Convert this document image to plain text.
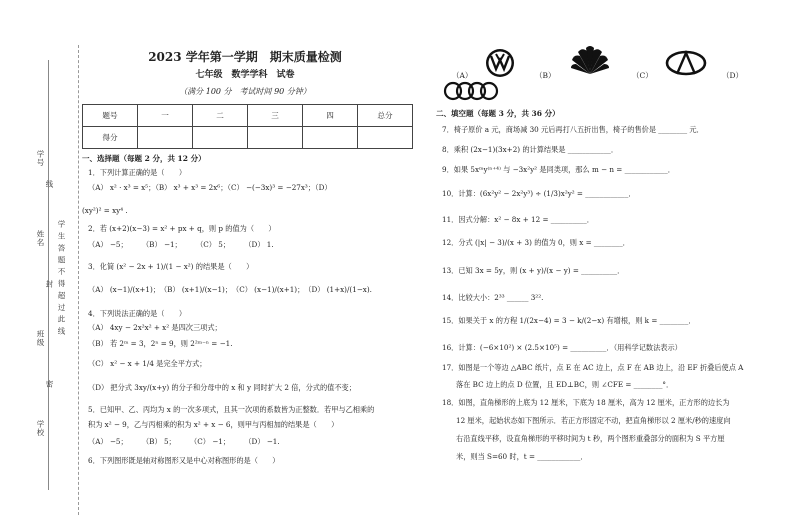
学号
线
姓名
封 学 生 答 题 不 得 超 过 此 线
班级
密
学校
2023 学年第一学期　期末质量检测
七年级　数学学科　试卷
（满分 100 分　考试时间 90 分钟）
题号	一	二	三	四	总分
得分					
一、选择题（每题 2 分，共 12 分）
1．下列计算正确的是（　　）
（A） x² · x³ = x⁵；（B） x³ + x³ = 2x⁶；（C） −(−3x)³ = −27x³；（D）
(xy²)² = xy⁴ .
2．若 (x+2)(x−3) = x² + px + q，则 p 的值为（　　）
（A） −5；　　　（B） −1；　　　（C） 5；　　　（D） 1.
3．化简 (x² − 2x + 1)/(1 − x²) 的结果是（　　）
（A） (x−1)/(x+1)；　（B） (x+1)/(x−1)；　（C） (x−1)/(x+1)；　（D） (1+x)/(1−x).
4．下列说法正确的是（　　）
（A） 4xy − 2x²x² + x² 是四次三项式；
（B） 若 2ᵐ = 3，2ⁿ = 9，则 2²ᵐ⁻ⁿ = −1.
（C） x² − x + 1/4 是完全平方式；
（D） 把分式 3xy/(x+y) 的分子和分母中的 x 和 y 同时扩大 2 倍，分式的值不变；
5．已知甲、乙、丙均为 x 的一次多项式，且其一次项的系数皆为正整数．若甲与乙相乘的
积为 x² − 9，乙与丙相乘的积为 x² + x − 6，则甲与丙相加的结果是（　　）
（A） −5；　　　（B） 5；　　　（C） −1；　　　（D） −1.
6．下列图形既是轴对称图形又是中心对称图形的是（　　）
（A）	（B）	（C）	（D）
二、填空题（每题 3 分，共 36 分）
7．椅子原价 a 元，商场减 30 元后再打八五折出售，椅子的售价是 ________ 元．
8．乘积 (2x−1)(3x+2) 的计算结果是 ____________．
9．如果 5xᵐy⁽ⁿ⁺⁴⁾ 与 −3x²y² 是同类项，那么 m − n = ____________．
10．计算：(6x²y² − 2x²y³) ÷ (1/3)x²y² = ____________．
11．因式分解：x² − 8x + 12 = __________．
12．分式 (|x| − 3)/(x + 3) 的值为 0，则 x = ________．
13．已知 3x = 5y，则 (x + y)/(x − y) = __________．
14．比较大小：2³³ ______ 3²².
15．如果关于 x 的方程 1/(2x−4) = 3 − k/(2−x) 有增根，则 k = ________．
16．计算：(−6×10²) × (2.5×10⁵) = __________．（用科学记数法表示）
17．如图是一个等边 △ABC 纸片，点 E 在 AC 边上，点 F 在 AB 边上，沿 EF 折叠后使点 A
落在 BC 边上的点 D 位置，且 ED⊥BC，则 ∠CFE = ________°．
18．如图，直角梯形的上底为 12 厘米，下底为 18 厘米，高为 12 厘米，正方形的边长为
12 厘米，起始状态如下图所示．若正方形固定不动，把直角梯形以 2 厘米/秒的速度向
右沿直线平移，设直角梯形的平移时间为 t 秒，两个图形重叠部分的面积为 S 平方厘
米，则当 S=60 时，t = ____________．
